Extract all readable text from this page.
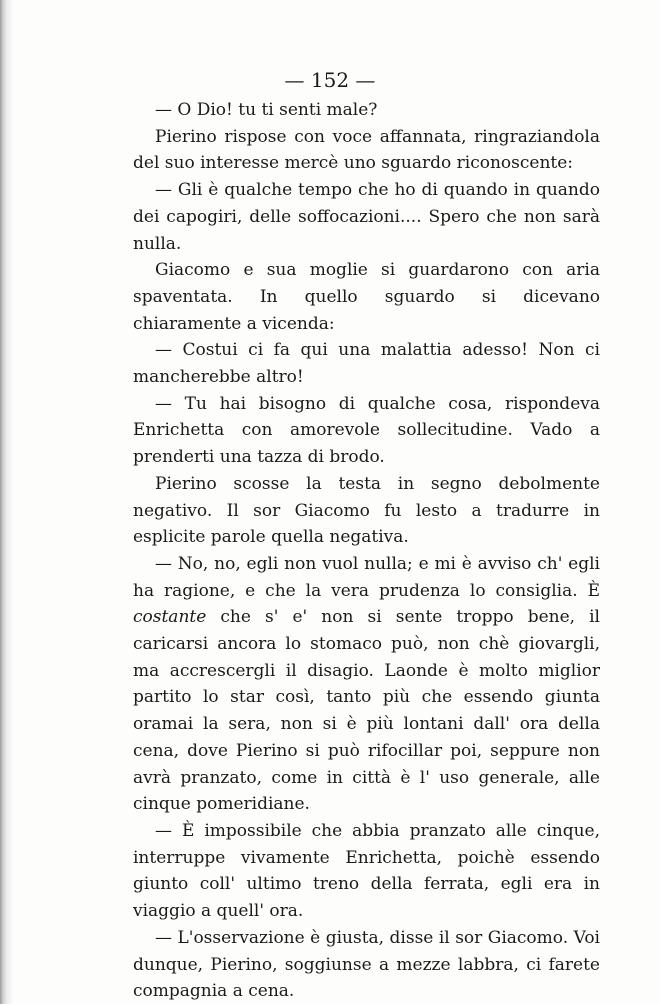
— 152 —

— O Dio! tu ti senti male?

Pierino rispose con voce affannata, ringraziandola del suo interesse mercè uno sguardo riconoscente:

— Gli è qualche tempo che ho di quando in quando dei capogiri, delle soffocazioni.... Spero che non sarà nulla.

Giacomo e sua moglie si guardarono con aria spaventata. In quello sguardo si dicevano chiaramente a vicenda:

— Costui ci fa qui una malattia adesso! Non ci mancherebbe altro!

— Tu hai bisogno di qualche cosa, rispondeva Enrichetta con amorevole sollecitudine. Vado a prenderti una tazza di brodo.

Pierino scosse la testa in segno debolmente negativo. Il sor Giacomo fu lesto a tradurre in esplicite parole quella negativa.

— No, no, egli non vuol nulla; e mi è avviso ch' egli ha ragione, e che la vera prudenza lo consiglia. È costante che s' e' non si sente troppo bene, il caricarsi ancora lo stomaco può, non chè giovargli, ma accrescergli il disagio. Laonde è molto miglior partito lo star così, tanto più che essendo giunta oramai la sera, non si è più lontani dall' ora della cena, dove Pierino si può rifocillar poi, seppure non avrà pranzato, come in città è l' uso generale, alle cinque pomeridiane.

— È impossibile che abbia pranzato alle cinque, interruppe vivamente Enrichetta, poichè essendo giunto coll' ultimo treno della ferrata, egli era in viaggio a quell' ora.

— L'osservazione è giusta, disse il sor Giacomo. Voi dunque, Pierino, soggiunse a mezze labbra, ci farete compagnia a cena.
